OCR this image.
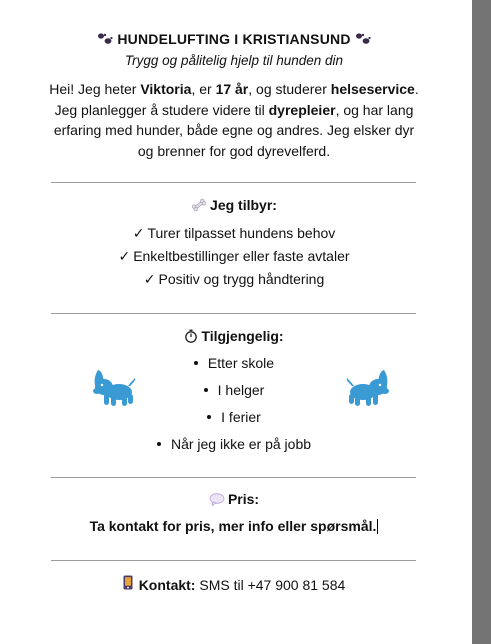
HUNDELUFTING I KRISTIANSUND
Trygg og pålitelig hjelp til hunden din
Hei! Jeg heter Viktoria, er 17 år, og studerer helseservice. Jeg planlegger å studere videre til dyrepleier, og har lang erfaring med hunder, både egne og andres. Jeg elsker dyr og brenner for god dyrevelferd.
Jeg tilbyr:
✓ Turer tilpasset hundens behov
✓ Enkeltbestillinger eller faste avtaler
✓ Positiv og trygg håndtering
Tilgjengelig:
Etter skole
I helger
I ferier
Når jeg ikke er på jobb
Pris:
Ta kontakt for pris, mer info eller spørsmål.
Kontakt: SMS til +47 900 81 584
